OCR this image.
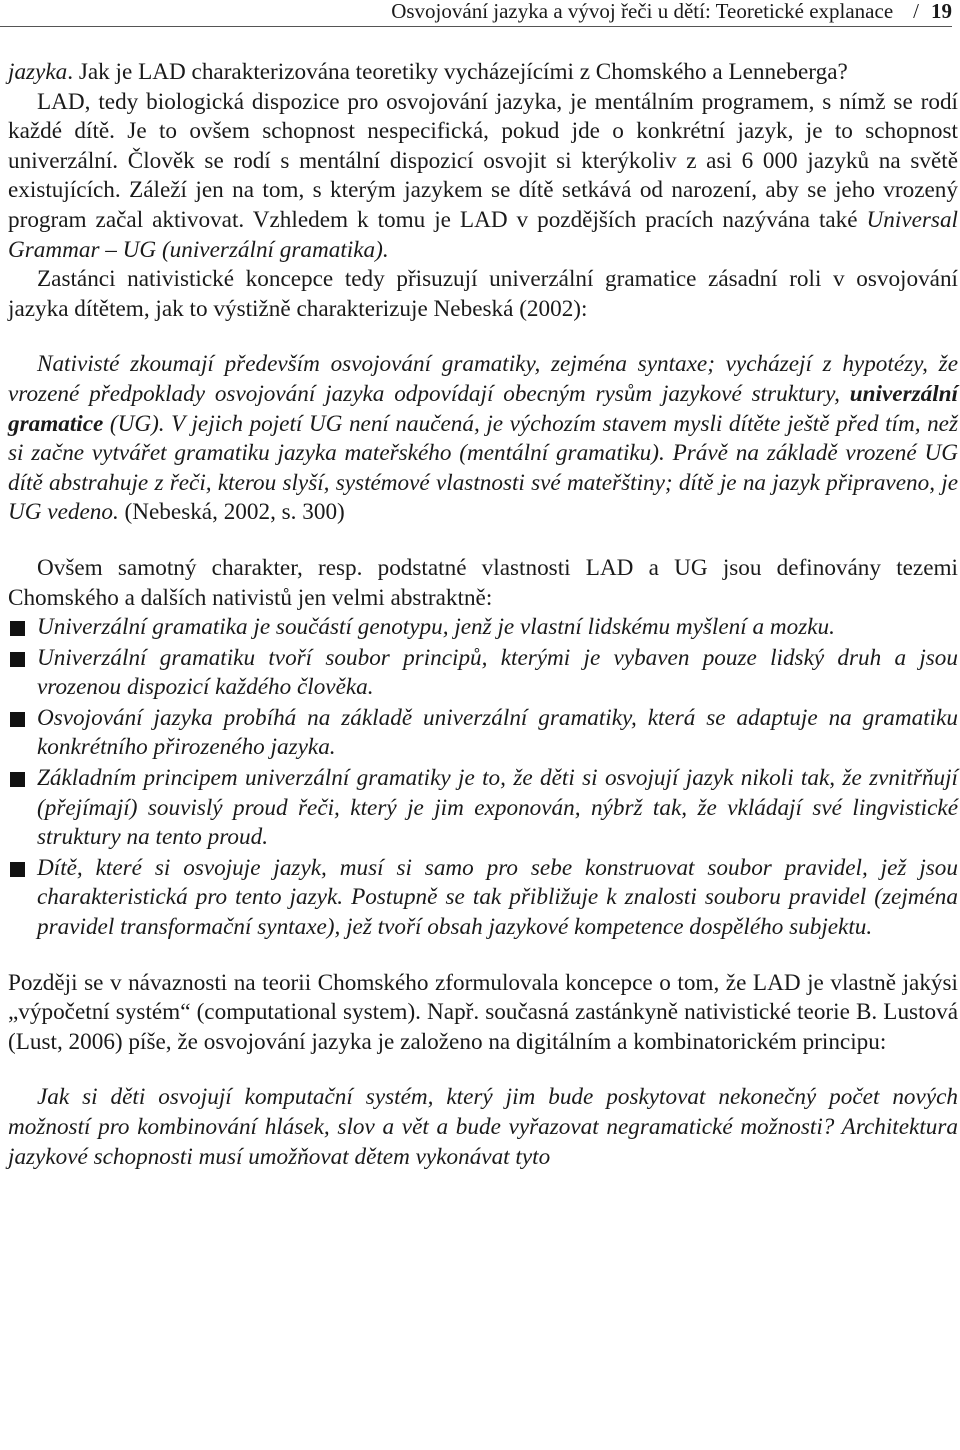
Osvojování jazyka a vývoj řeči u dětí: Teoretické explanace / 19

jazyka. Jak je LAD charakterizována teoretiky vycházejícími z Chomského a Lenneberga?

LAD, tedy biologická dispozice pro osvojování jazyka, je mentálním programem, s nímž se rodí každé dítě. Je to ovšem schopnost nespecifická, pokud jde o konkrétní jazyk, je to schopnost univerzální. Člověk se rodí s mentální dispozicí osvojit si kterýkoliv z asi 6 000 jazyků na světě existujících. Záleží jen na tom, s kterým jazykem se dítě setkává od narození, aby se jeho vrozený program začal aktivovat. Vzhledem k tomu je LAD v pozdějších pracích nazývána také Universal Grammar – UG (univerzální gramatika).

Zastánci nativistické koncepce tedy přisuzují univerzální gramatice zásadní roli v osvojování jazyka dítětem, jak to výstižně charakterizuje Nebeská (2002):

Nativisté zkoumají především osvojování gramatiky, zejména syntaxe; vycházejí z hypotézy, že vrozené předpoklady osvojování jazyka odpovídají obecným rysům jazykové struktury, univerzální gramatice (UG). V jejich pojetí UG není naučená, je výchozím stavem mysli dítěte ještě před tím, než si začne vytvářet gramatiku jazyka mateřského (mentální gramatiku). Právě na základě vrozené UG dítě abstrahuje z řeči, kterou slyší, systémové vlastnosti své mateřštiny; dítě je na jazyk připraveno, je UG vedeno. (Nebeská, 2002, s. 300)

Ovšem samotný charakter, resp. podstatné vlastnosti LAD a UG jsou definovány tezemi Chomského a dalších nativistů jen velmi abstraktně:

Univerzální gramatika je součástí genotypu, jenž je vlastní lidskému myšlení a mozku.
Univerzální gramatiku tvoří soubor principů, kterými je vybaven pouze lidský druh a jsou vrozenou dispozicí každého člověka.
Osvojování jazyka probíhá na základě univerzální gramatiky, která se adaptuje na gramatiku konkrétního přirozeného jazyka.
Základním principem univerzální gramatiky je to, že děti si osvojují jazyk nikoli tak, že zvnitřňují (přejímají) souvislý proud řeči, který je jim exponován, nýbrž tak, že vkládají své lingvistické struktury na tento proud.
Dítě, které si osvojuje jazyk, musí si samo pro sebe konstruovat soubor pravidel, jež jsou charakteristická pro tento jazyk. Postupně se tak přibližuje k znalosti souboru pravidel (zejména pravidel transformační syntaxe), jež tvoří obsah jazykové kompetence dospělého subjektu.

Později se v návaznosti na teorii Chomského zformulovala koncepce o tom, že LAD je vlastně jakýsi „výpočetní systém“ (computational system). Např. současná zastánkyně nativistické teorie B. Lustová (Lust, 2006) píše, že osvojování jazyka je založeno na digitálním a kombinatorickém principu:

Jak si děti osvojují komputační systém, který jim bude poskytovat nekonečný počet nových možností pro kombinování hlásek, slov a vět a bude vyřazovat negramatické možnosti? Architektura jazykové schopnosti musí umožňovat dětem vykonávat tyto
